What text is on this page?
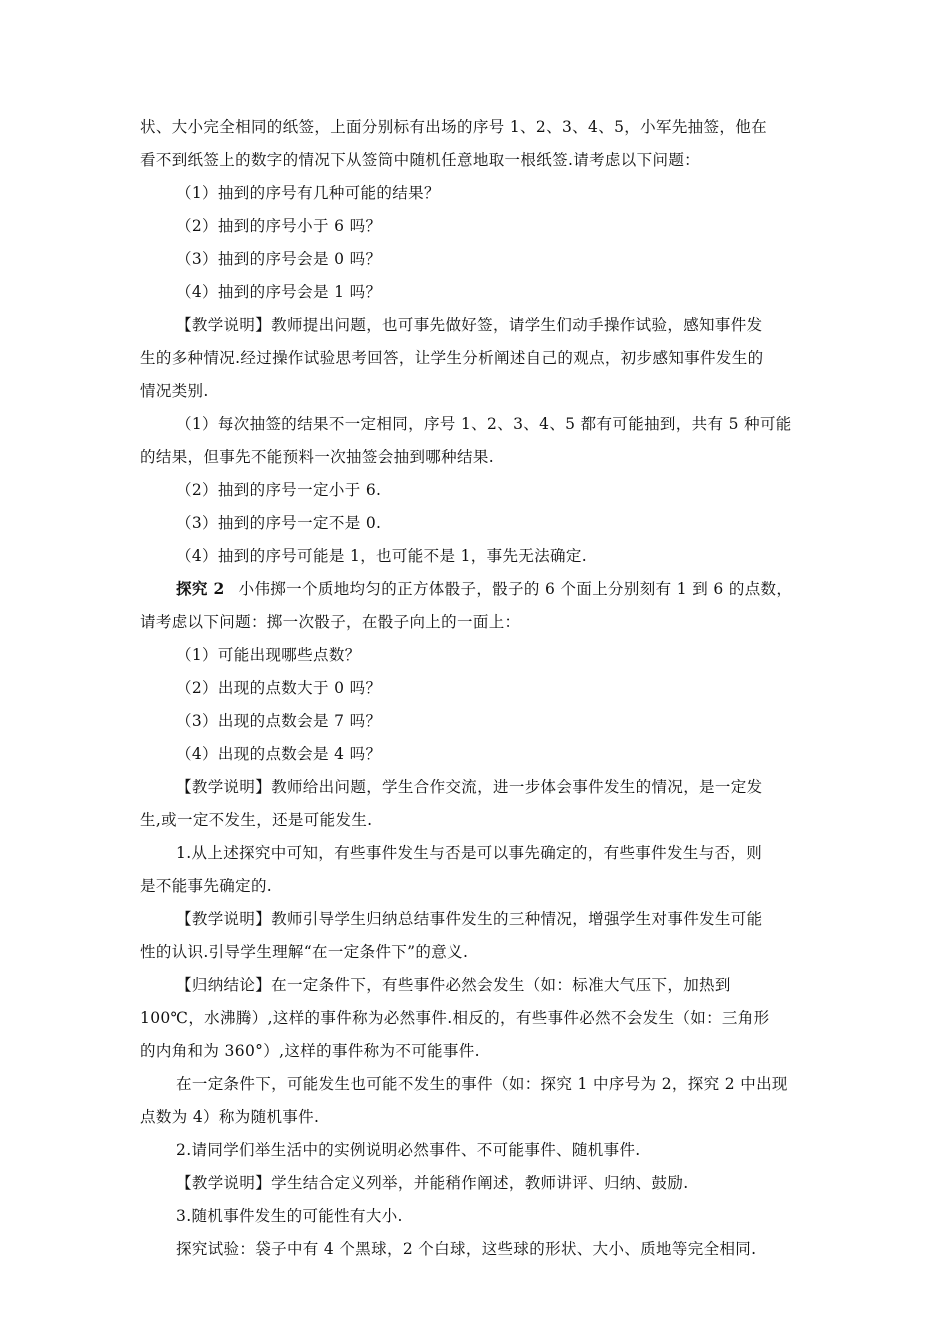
状、大小完全相同的纸签，上面分别标有出场的序号 1、2、3、4、5，小军先抽签，他在
看不到纸签上的数字的情况下从签筒中随机任意地取一根纸签.请考虑以下问题：
（1）抽到的序号有几种可能的结果？
（2）抽到的序号小于 6 吗？
（3）抽到的序号会是 0 吗？
（4）抽到的序号会是 1 吗？
【教学说明】教师提出问题，也可事先做好签，请学生们动手操作试验，感知事件发
生的多种情况.经过操作试验思考回答，让学生分析阐述自己的观点，初步感知事件发生的
情况类别.
（1）每次抽签的结果不一定相同，序号 1、2、3、4、5 都有可能抽到，共有 5 种可能
的结果，但事先不能预料一次抽签会抽到哪种结果.
（2）抽到的序号一定小于 6.
（3）抽到的序号一定不是 0.
（4）抽到的序号可能是 1，也可能不是 1，事先无法确定.
探究 2 小伟掷一个质地均匀的正方体骰子，骰子的 6 个面上分别刻有 1 到 6 的点数，
请考虑以下问题：掷一次骰子，在骰子向上的一面上：
（1）可能出现哪些点数？
（2）出现的点数大于 0 吗？
（3）出现的点数会是 7 吗？
（4）出现的点数会是 4 吗？
【教学说明】教师给出问题，学生合作交流，进一步体会事件发生的情况，是一定发
生,或一定不发生，还是可能发生.
1.从上述探究中可知，有些事件发生与否是可以事先确定的，有些事件发生与否，则
是不能事先确定的.
【教学说明】教师引导学生归纳总结事件发生的三种情况，增强学生对事件发生可能
性的认识.引导学生理解“在一定条件下”的意义.
【归纳结论】在一定条件下，有些事件必然会发生（如：标准大气压下，加热到
100℃，水沸腾）,这样的事件称为必然事件.相反的，有些事件必然不会发生（如：三角形
的内角和为 360°）,这样的事件称为不可能事件.
在一定条件下，可能发生也可能不发生的事件（如：探究 1 中序号为 2，探究 2 中出现
点数为 4）称为随机事件.
2.请同学们举生活中的实例说明必然事件、不可能事件、随机事件.
【教学说明】学生结合定义列举，并能稍作阐述，教师讲评、归纳、鼓励.
3.随机事件发生的可能性有大小.
探究试验：袋子中有 4 个黑球，2 个白球，这些球的形状、大小、质地等完全相同.
